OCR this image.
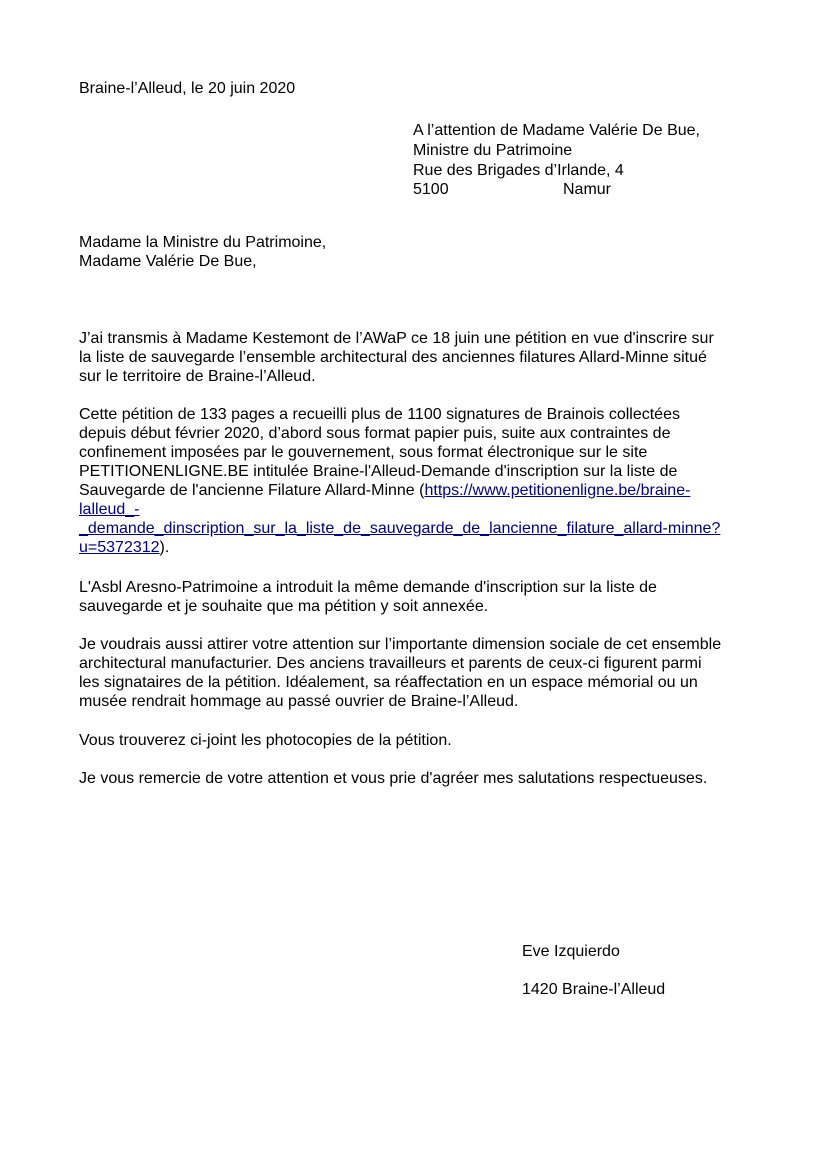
Braine-l’Alleud, le 20 juin 2020
A l’attention de Madame Valérie De Bue,
Ministre du Patrimoine
Rue des Brigades d’Irlande, 4
5100	Namur
Madame la Ministre du Patrimoine,
Madame Valérie De Bue,
J’ai transmis à Madame Kestemont de l’AWaP ce 18 juin une pétition en vue d'inscrire sur
la liste de sauvegarde l’ensemble architectural des anciennes filatures Allard-Minne situé
sur le territoire de Braine-l’Alleud.
Cette pétition de 133 pages a recueilli plus de 1100 signatures de Brainois collectées
depuis début février 2020, d’abord sous format papier puis, suite aux contraintes de
confinement imposées par le gouvernement, sous format électronique sur le site
PETITIONENLIGNE.BE intitulée Braine-l'Alleud-Demande d'inscription sur la liste de
Sauvegarde de l'ancienne Filature Allard-Minne (https://www.petitionenligne.be/braine-
lalleud_-
_demande_dinscription_sur_la_liste_de_sauvegarde_de_lancienne_filature_allard-minne?
u=5372312).
L'Asbl Aresno-Patrimoine a introduit la même demande d'inscription sur la liste de
sauvegarde et je souhaite que ma pétition y soit annexée.
Je voudrais aussi attirer votre attention sur l’importante dimension sociale de cet ensemble
architectural manufacturier. Des anciens travailleurs et parents de ceux-ci figurent parmi
les signataires de la pétition. Idéalement, sa réaffectation en un espace mémorial ou un
musée rendrait hommage au passé ouvrier de Braine-l’Alleud.
Vous trouverez ci-joint les photocopies de la pétition.
Je vous remercie de votre attention et vous prie d'agréer mes salutations respectueuses.
Eve Izquierdo
1420 Braine-l’Alleud
